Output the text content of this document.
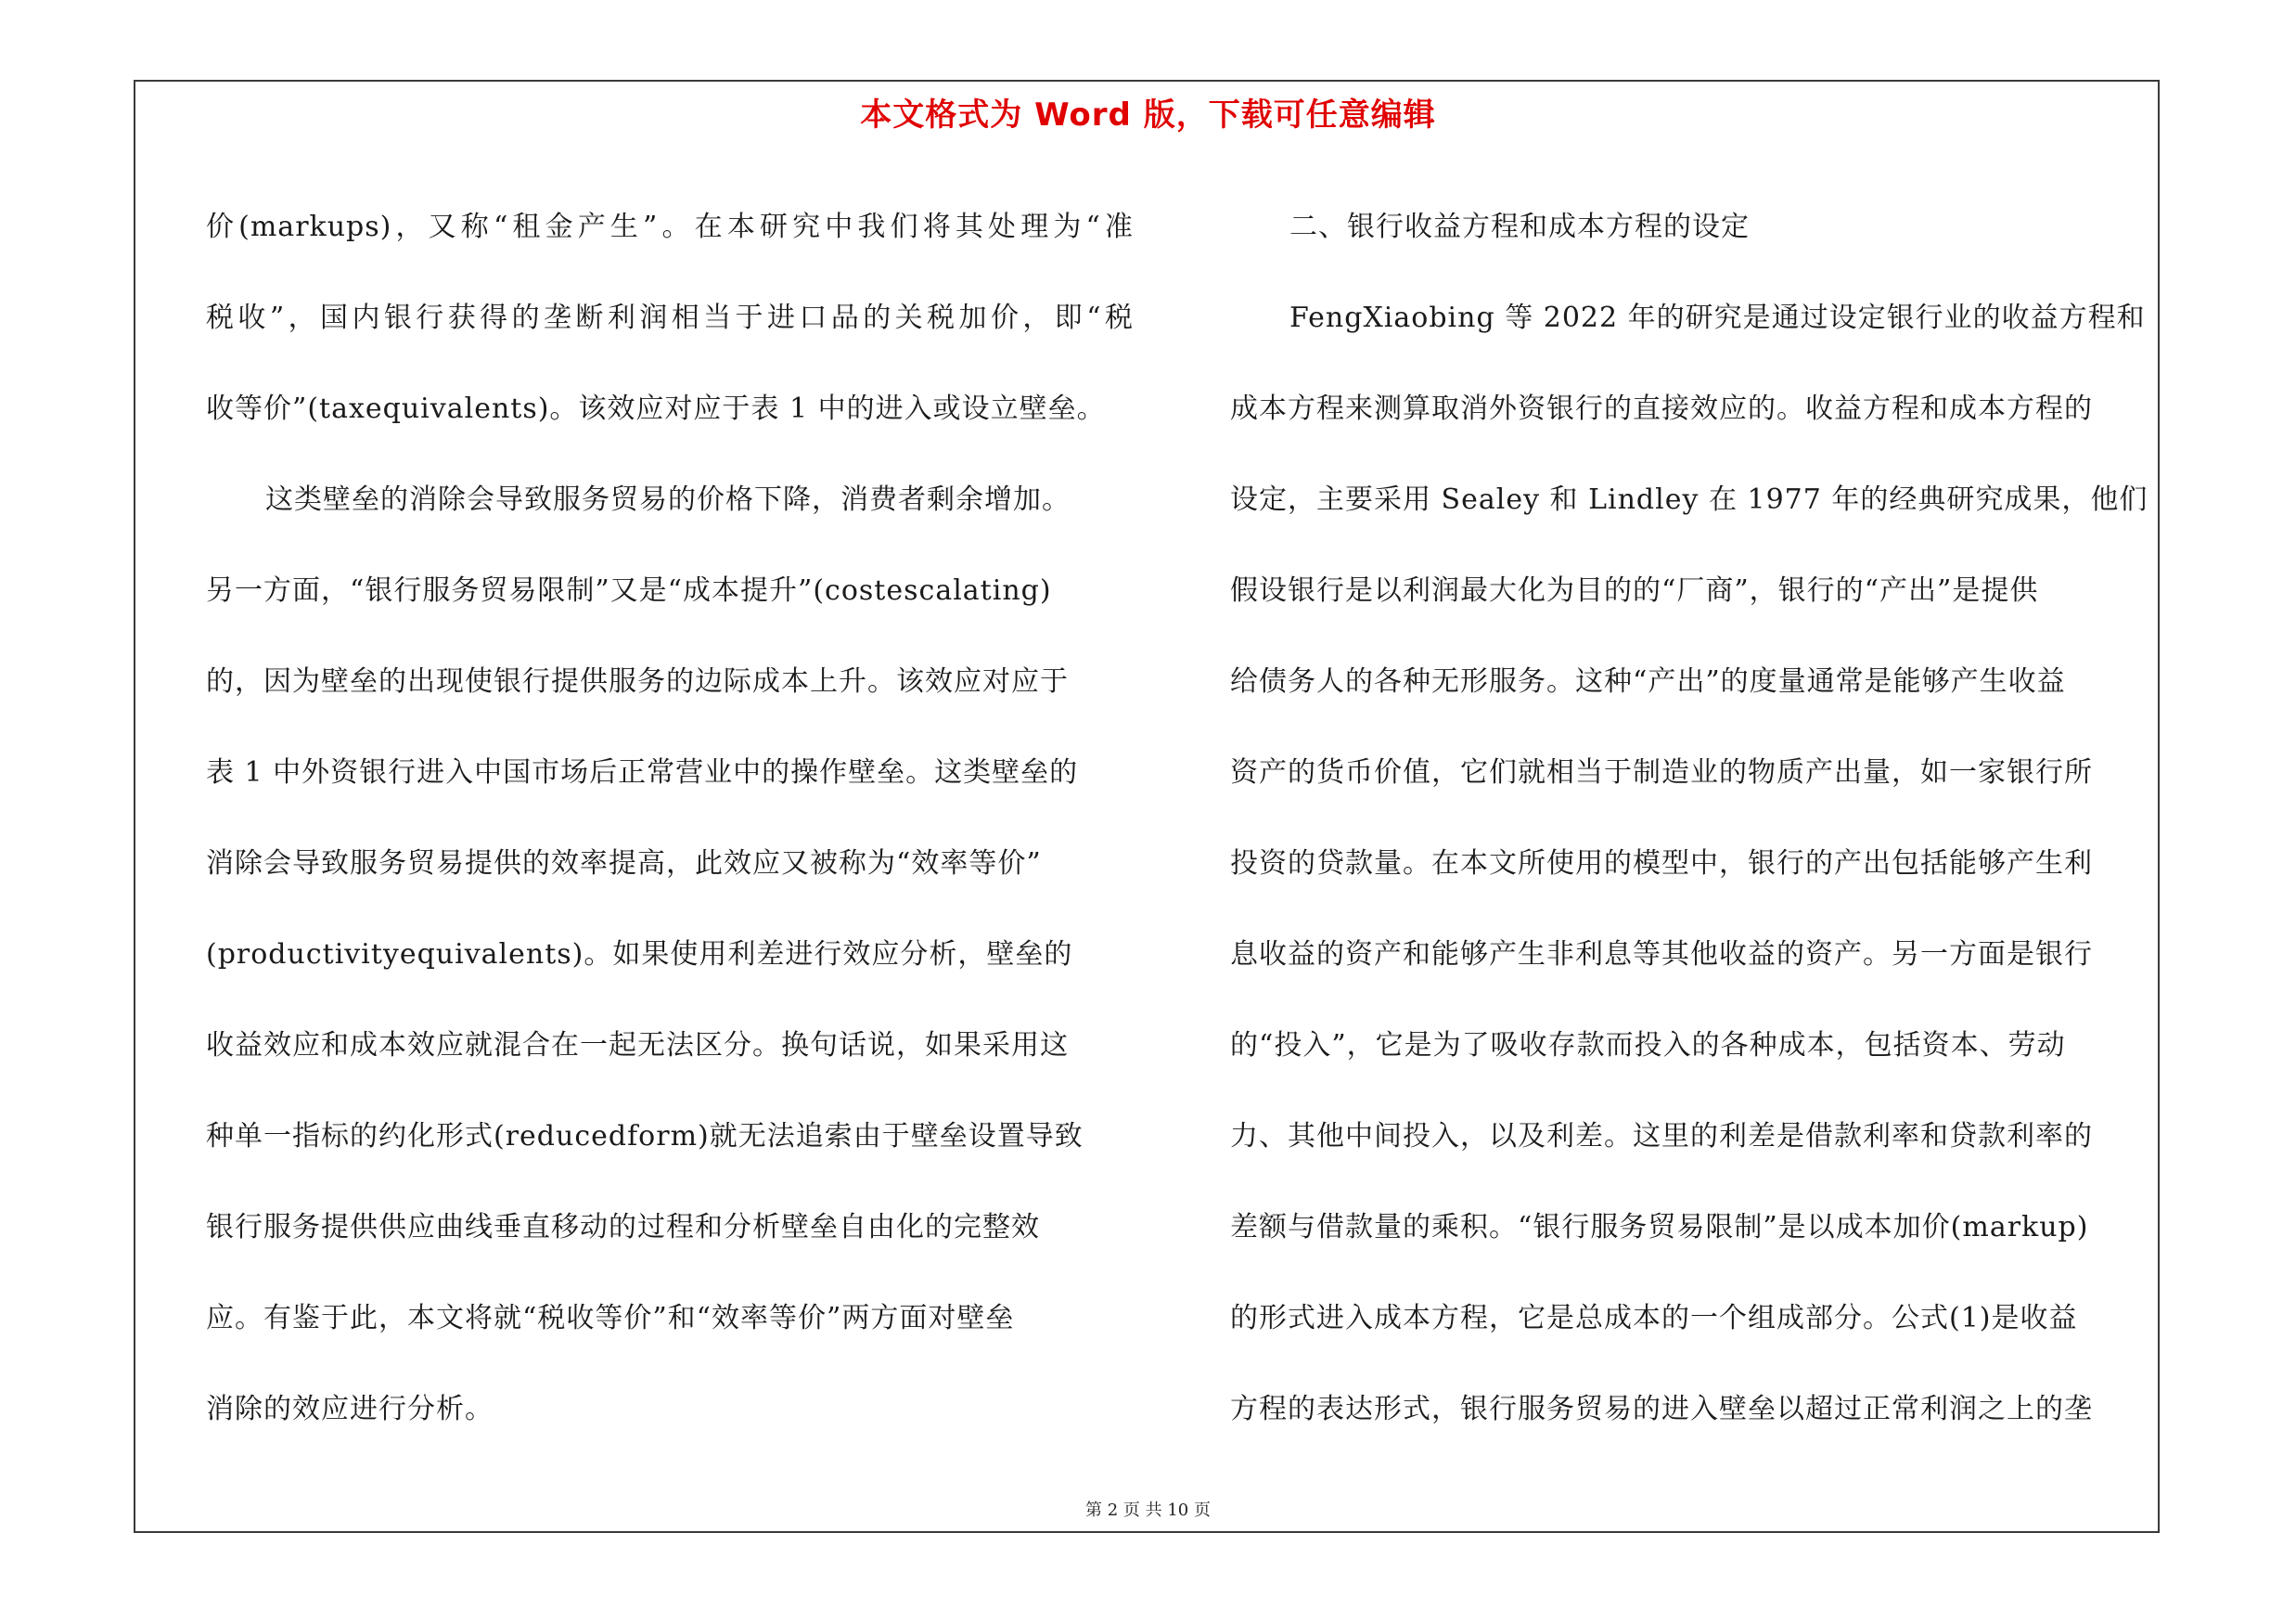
本文格式为 Word 版，下载可任意编辑
价(markups)，又称“租金产生”。在本研究中我们将其处理为“准
税收”，国内银行获得的垄断利润相当于进口品的关税加价，即“税
收等价”(taxequivalents)。该效应对应于表 1 中的进入或设立壁垒。
这类壁垒的消除会导致服务贸易的价格下降，消费者剩余增加。
另一方面，“银行服务贸易限制”又是“成本提升”(costescalating)
的，因为壁垒的出现使银行提供服务的边际成本上升。该效应对应于
表 1 中外资银行进入中国市场后正常营业中的操作壁垒。这类壁垒的
消除会导致服务贸易提供的效率提高，此效应又被称为“效率等价”
(productivityequivalents)。如果使用利差进行效应分析，壁垒的
收益效应和成本效应就混合在一起无法区分。换句话说，如果采用这
种单一指标的约化形式(reducedform)就无法追索由于壁垒设置导致
银行服务提供供应曲线垂直移动的过程和分析壁垒自由化的完整效
应。有鉴于此，本文将就“税收等价”和“效率等价”两方面对壁垒
消除的效应进行分析。
二、银行收益方程和成本方程的设定
FengXiaobing 等 2022 年的研究是通过设定银行业的收益方程和
成本方程来测算取消外资银行的直接效应的。收益方程和成本方程的
设定，主要采用 Sealey 和 Lindley 在 1977 年的经典研究成果，他们
假设银行是以利润最大化为目的的“厂商”，银行的“产出”是提供
给债务人的各种无形服务。这种“产出”的度量通常是能够产生收益
资产的货币价值，它们就相当于制造业的物质产出量，如一家银行所
投资的贷款量。在本文所使用的模型中，银行的产出包括能够产生利
息收益的资产和能够产生非利息等其他收益的资产。另一方面是银行
的“投入”，它是为了吸收存款而投入的各种成本，包括资本、劳动
力、其他中间投入，以及利差。这里的利差是借款利率和贷款利率的
差额与借款量的乘积。“银行服务贸易限制”是以成本加价(markup)
的形式进入成本方程，它是总成本的一个组成部分。公式(1)是收益
方程的表达形式，银行服务贸易的进入壁垒以超过正常利润之上的垄
第 2 页 共 10 页
